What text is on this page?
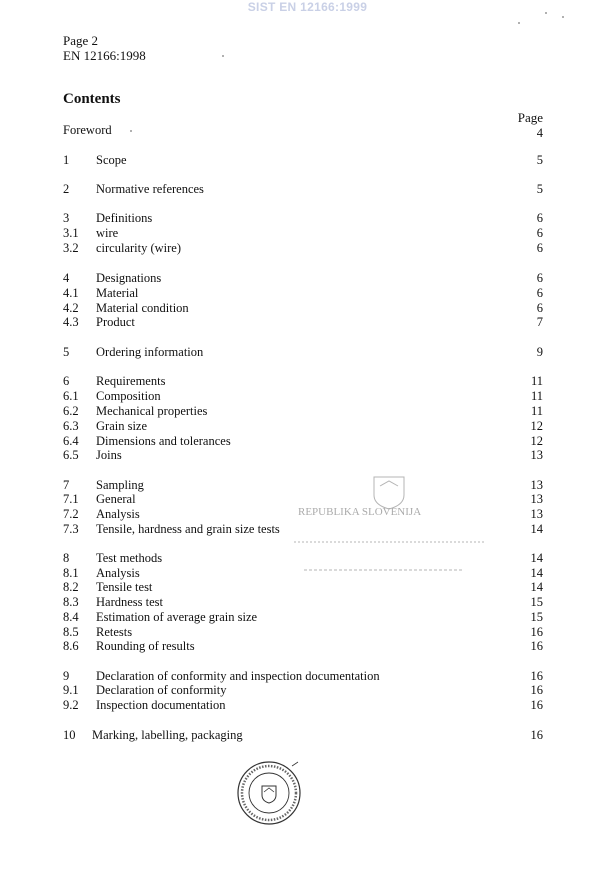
SIST EN 12166:1999
Page 2
EN 12166:1998
Contents
Page
Foreword	4
1 Scope	5
2 Normative references	5
3 Definitions	6
3.1 wire	6
3.2 circularity (wire)	6
4 Designations	6
4.1 Material	6
4.2 Material condition	6
4.3 Product	7
5 Ordering information	9
6 Requirements	11
6.1 Composition	11
6.2 Mechanical properties	11
6.3 Grain size	12
6.4 Dimensions and tolerances	12
6.5 Joins	13
7 Sampling	13
7.1 General	13
7.2 Analysis	13
7.3 Tensile, hardness and grain size tests	14
8 Test methods	14
8.1 Analysis	14
8.2 Tensile test	14
8.3 Hardness test	15
8.4 Estimation of average grain size	15
8.5 Retests	16
8.6 Rounding of results	16
9 Declaration of conformity and inspection documentation	16
9.1 Declaration of conformity	16
9.2 Inspection documentation	16
10 Marking, labelling, packaging	16
REPUBLIKA SLOVENIJA
